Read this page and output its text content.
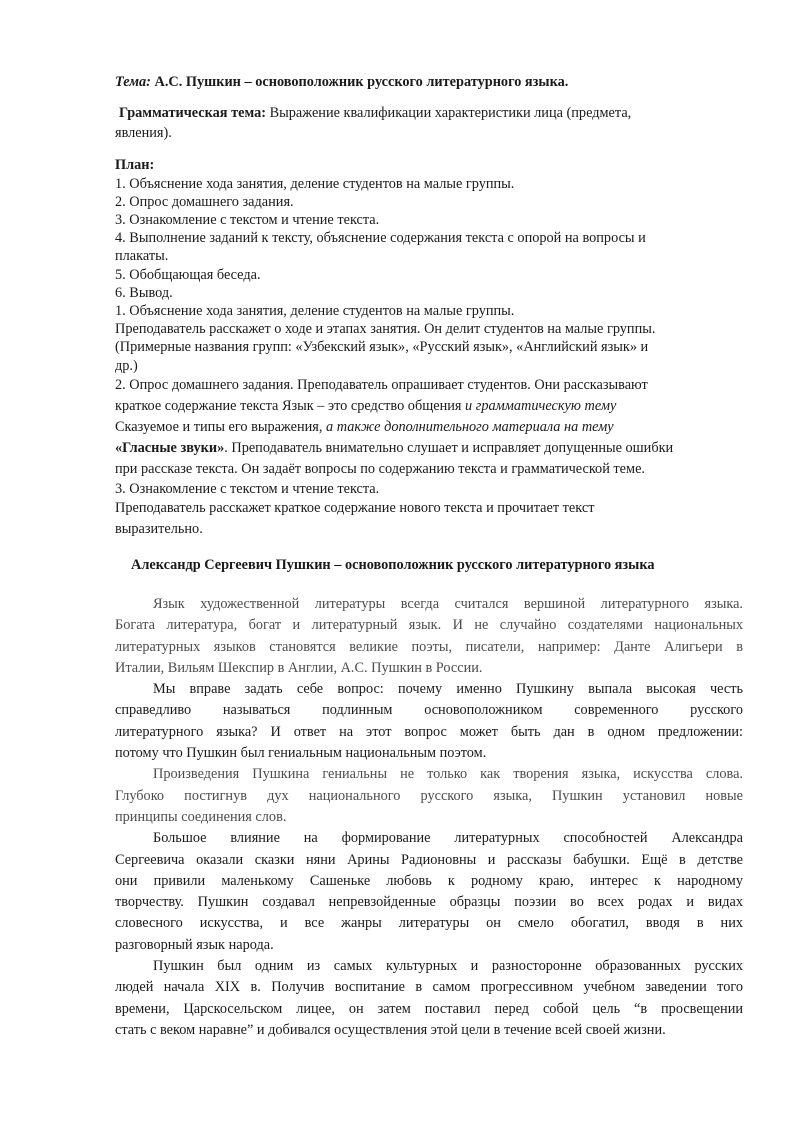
Тема: А.С. Пушкин – основоположник русского литературного языка.
Грамматическая тема: Выражение квалификации характеристики лица (предмета,
явления).
План:
1. Объяснение хода занятия, деление студентов на малые группы.
2. Опрос домашнего задания.
3. Ознакомление с текстом и чтение текста.
4. Выполнение заданий к тексту, объяснение содержания текста с опорой на вопросы и
плакаты.
5. Обобщающая беседа.
6. Вывод.
1. Объяснение хода занятия, деление студентов на малые группы.
Преподаватель расскажет о ходе и этапах занятия. Он делит студентов на малые группы.
(Примерные названия групп: «Узбекский язык», «Русский язык», «Английский язык» и
др.)
2. Опрос домашнего задания. Преподаватель опрашивает студентов. Они рассказывают
краткое содержание текста Язык – это средство общения и грамматическую тему
Сказуемое и типы его выражения, а также дополнительного материала на тему
«Гласные звуки». Преподаватель внимательно слушает и исправляет допущенные ошибки
при рассказе текста. Он задаёт вопросы по содержанию текста и грамматической теме.
3. Ознакомление с текстом и чтение текста.
Преподаватель расскажет краткое содержание нового текста и прочитает текст
выразительно.
Александр Сергеевич Пушкин – основоположник русского литературного языка
Язык художественной литературы всегда считался вершиной литературного языка.
Богата литература, богат и литературный язык. И не случайно создателями национальных
литературных языков становятся великие поэты, писатели, например: Данте Алигьери в
Италии, Вильям Шекспир в Англии, А.С. Пушкин в России.
Мы вправе задать себе вопрос: почему именно Пушкину выпала высокая честь
справедливо называться подлинным основоположником современного русского
литературного языка? И ответ на этот вопрос может быть дан в одном предложении:
потому что Пушкин был гениальным национальным поэтом.
Произведения Пушкина гениальны не только как творения языка, искусства слова.
Глубоко постигнув дух национального русского языка, Пушкин установил новые
принципы соединения слов.
Большое влияние на формирование литературных способностей Александра
Сергеевича оказали сказки няни Арины Радионовны и рассказы бабушки. Ещё в детстве
они привили маленькому Сашеньке любовь к родному краю, интерес к народному
творчеству. Пушкин создавал непревзойденные образцы поэзии во всех родах и видах
словесного искусства, и все жанры литературы он смело обогатил, вводя в них
разговорный язык народа.
Пушкин был одним из самых культурных и разносторонне образованных русских
людей начала XIX в. Получив воспитание в самом прогрессивном учебном заведении того
времени, Царскосельском лицее, он затем поставил перед собой цель “в просвещении
стать с веком наравне” и добивался осуществления этой цели в течение всей своей жизни.
